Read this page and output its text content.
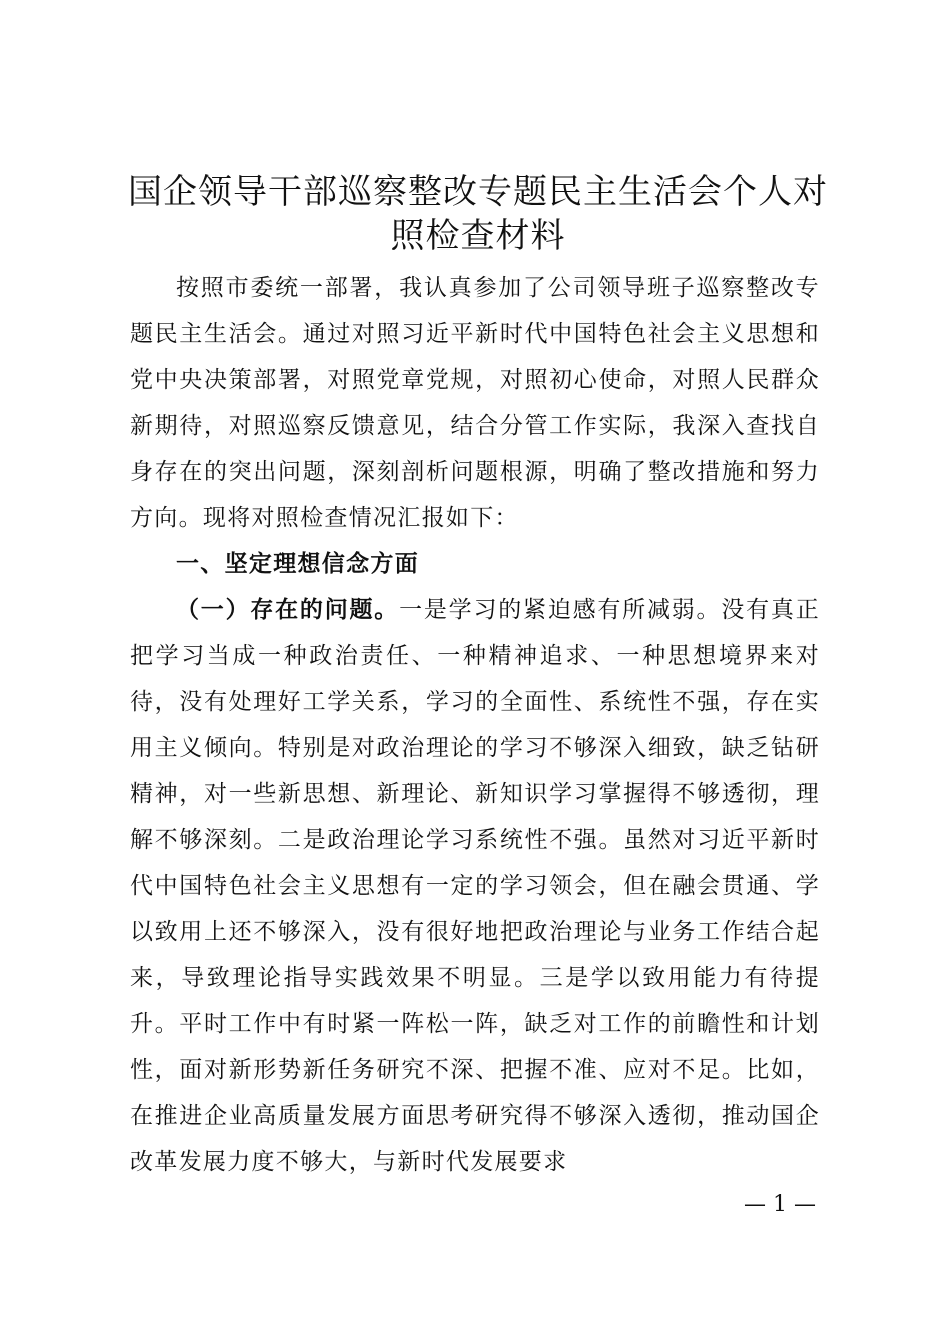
国企领导干部巡察整改专题民主生活会个人对照检查材料

按照市委统一部署，我认真参加了公司领导班子巡察整改专题民主生活会。通过对照习近平新时代中国特色社会主义思想和党中央决策部署，对照党章党规，对照初心使命，对照人民群众新期待，对照巡察反馈意见，结合分管工作实际，我深入查找自身存在的突出问题，深刻剖析问题根源，明确了整改措施和努力方向。现将对照检查情况汇报如下：

一、坚定理想信念方面

（一）存在的问题。一是学习的紧迫感有所减弱。没有真正把学习当成一种政治责任、一种精神追求、一种思想境界来对待，没有处理好工学关系，学习的全面性、系统性不强，存在实用主义倾向。特别是对政治理论的学习不够深入细致，缺乏钻研精神，对一些新思想、新理论、新知识学习掌握得不够透彻，理解不够深刻。二是政治理论学习系统性不强。虽然对习近平新时代中国特色社会主义思想有一定的学习领会，但在融会贯通、学以致用上还不够深入，没有很好地把政治理论与业务工作结合起来，导致理论指导实践效果不明显。三是学以致用能力有待提升。平时工作中有时紧一阵松一阵，缺乏对工作的前瞻性和计划性，面对新形势新任务研究不深、把握不准、应对不足。比如，在推进企业高质量发展方面思考研究得不够深入透彻，推动国企改革发展力度不够大，与新时代发展要求

— 1 —
